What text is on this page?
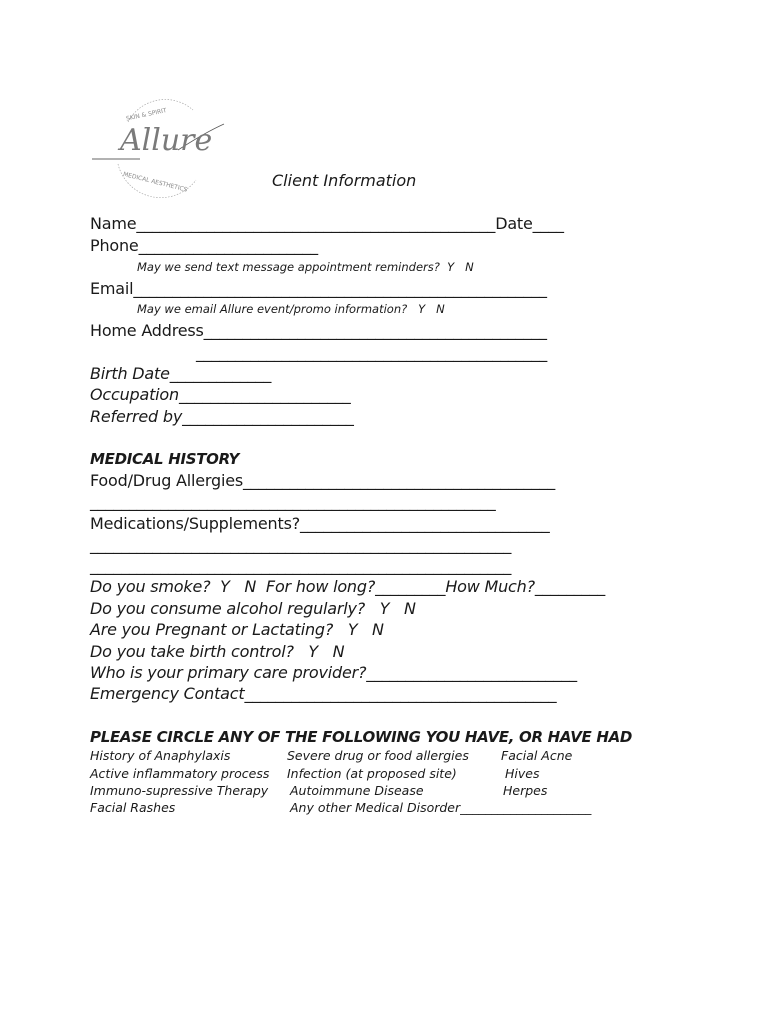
Allure
SKIN & SPIRIT
MEDICAL AESTHETICS	Client Information
Name______________________________________________Date____
Phone_______________________
May we send text message appointment reminders?  Y   N
Email_____________________________________________________
May we email Allure event/promo information?   Y   N
Home Address____________________________________________
_____________________________________________
Birth Date_____________
Occupation______________________
Referred by______________________
MEDICAL HISTORY
Food/Drug Allergies________________________________________
____________________________________________________
Medications/Supplements?________________________________
______________________________________________________
______________________________________________________
Do you smoke?  Y   N  For how long?_________How Much?_________
Do you consume alcohol regularly?   Y   N
Are you Pregnant or Lactating?   Y   N
Do you take birth control?   Y   N
Who is your primary care provider?___________________________
Emergency Contact________________________________________
PLEASE CIRCLE ANY OF THE FOLLOWING YOU HAVE, OR HAVE HAD
History of Anaphylaxis
Active inflammatory process
Immuno-supressive Therapy
Facial Rashes
Severe drug or food allergies
Infection (at proposed site)
Autoimmune Disease
Any other Medical Disorder_____________________
Facial Acne
Hives
Herpes
